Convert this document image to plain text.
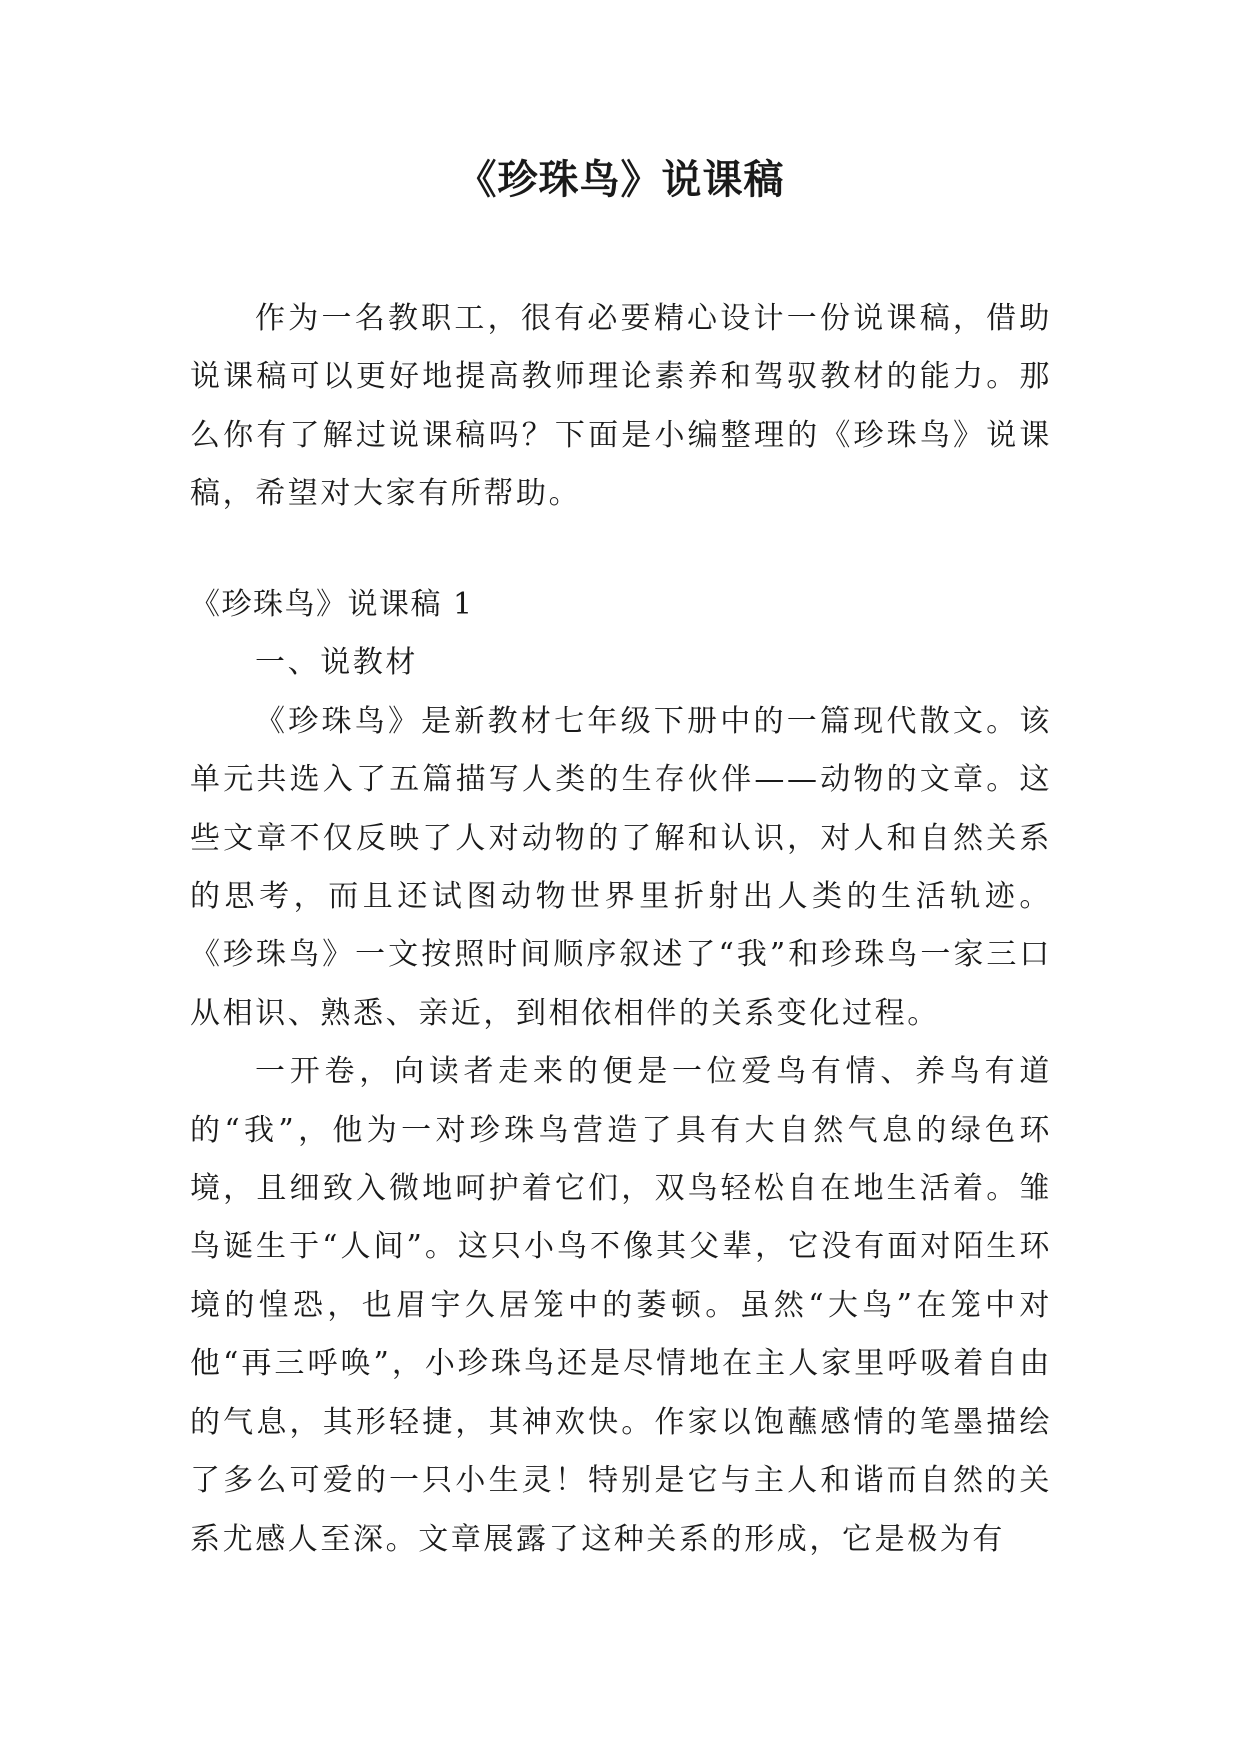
《珍珠鸟》说课稿

作为一名教职工，很有必要精心设计一份说课稿，借助说课稿可以更好地提高教师理论素养和驾驭教材的能力。那么你有了解过说课稿吗？下面是小编整理的《珍珠鸟》说课稿，希望对大家有所帮助。

《珍珠鸟》说课稿 1

一、说教材

《珍珠鸟》是新教材七年级下册中的一篇现代散文。该单元共选入了五篇描写人类的生存伙伴——动物的文章。这些文章不仅反映了人对动物的了解和认识，对人和自然关系的思考，而且还试图动物世界里折射出人类的生活轨迹。《珍珠鸟》一文按照时间顺序叙述了“我”和珍珠鸟一家三口从相识、熟悉、亲近，到相依相伴的关系变化过程。

一开卷，向读者走来的便是一位爱鸟有情、养鸟有道的“我”，他为一对珍珠鸟营造了具有大自然气息的绿色环境，且细致入微地呵护着它们，双鸟轻松自在地生活着。雏鸟诞生于“人间”。这只小鸟不像其父辈，它没有面对陌生环境的惶恐，也眉宇久居笼中的萎顿。虽然“大鸟”在笼中对他“再三呼唤”，小珍珠鸟还是尽情地在主人家里呼吸着自由的气息，其形轻捷，其神欢快。作家以饱蘸感情的笔墨描绘了多么可爱的一只小生灵！特别是它与主人和谐而自然的关系尤感人至深。文章展露了这种关系的形成，它是极为有
